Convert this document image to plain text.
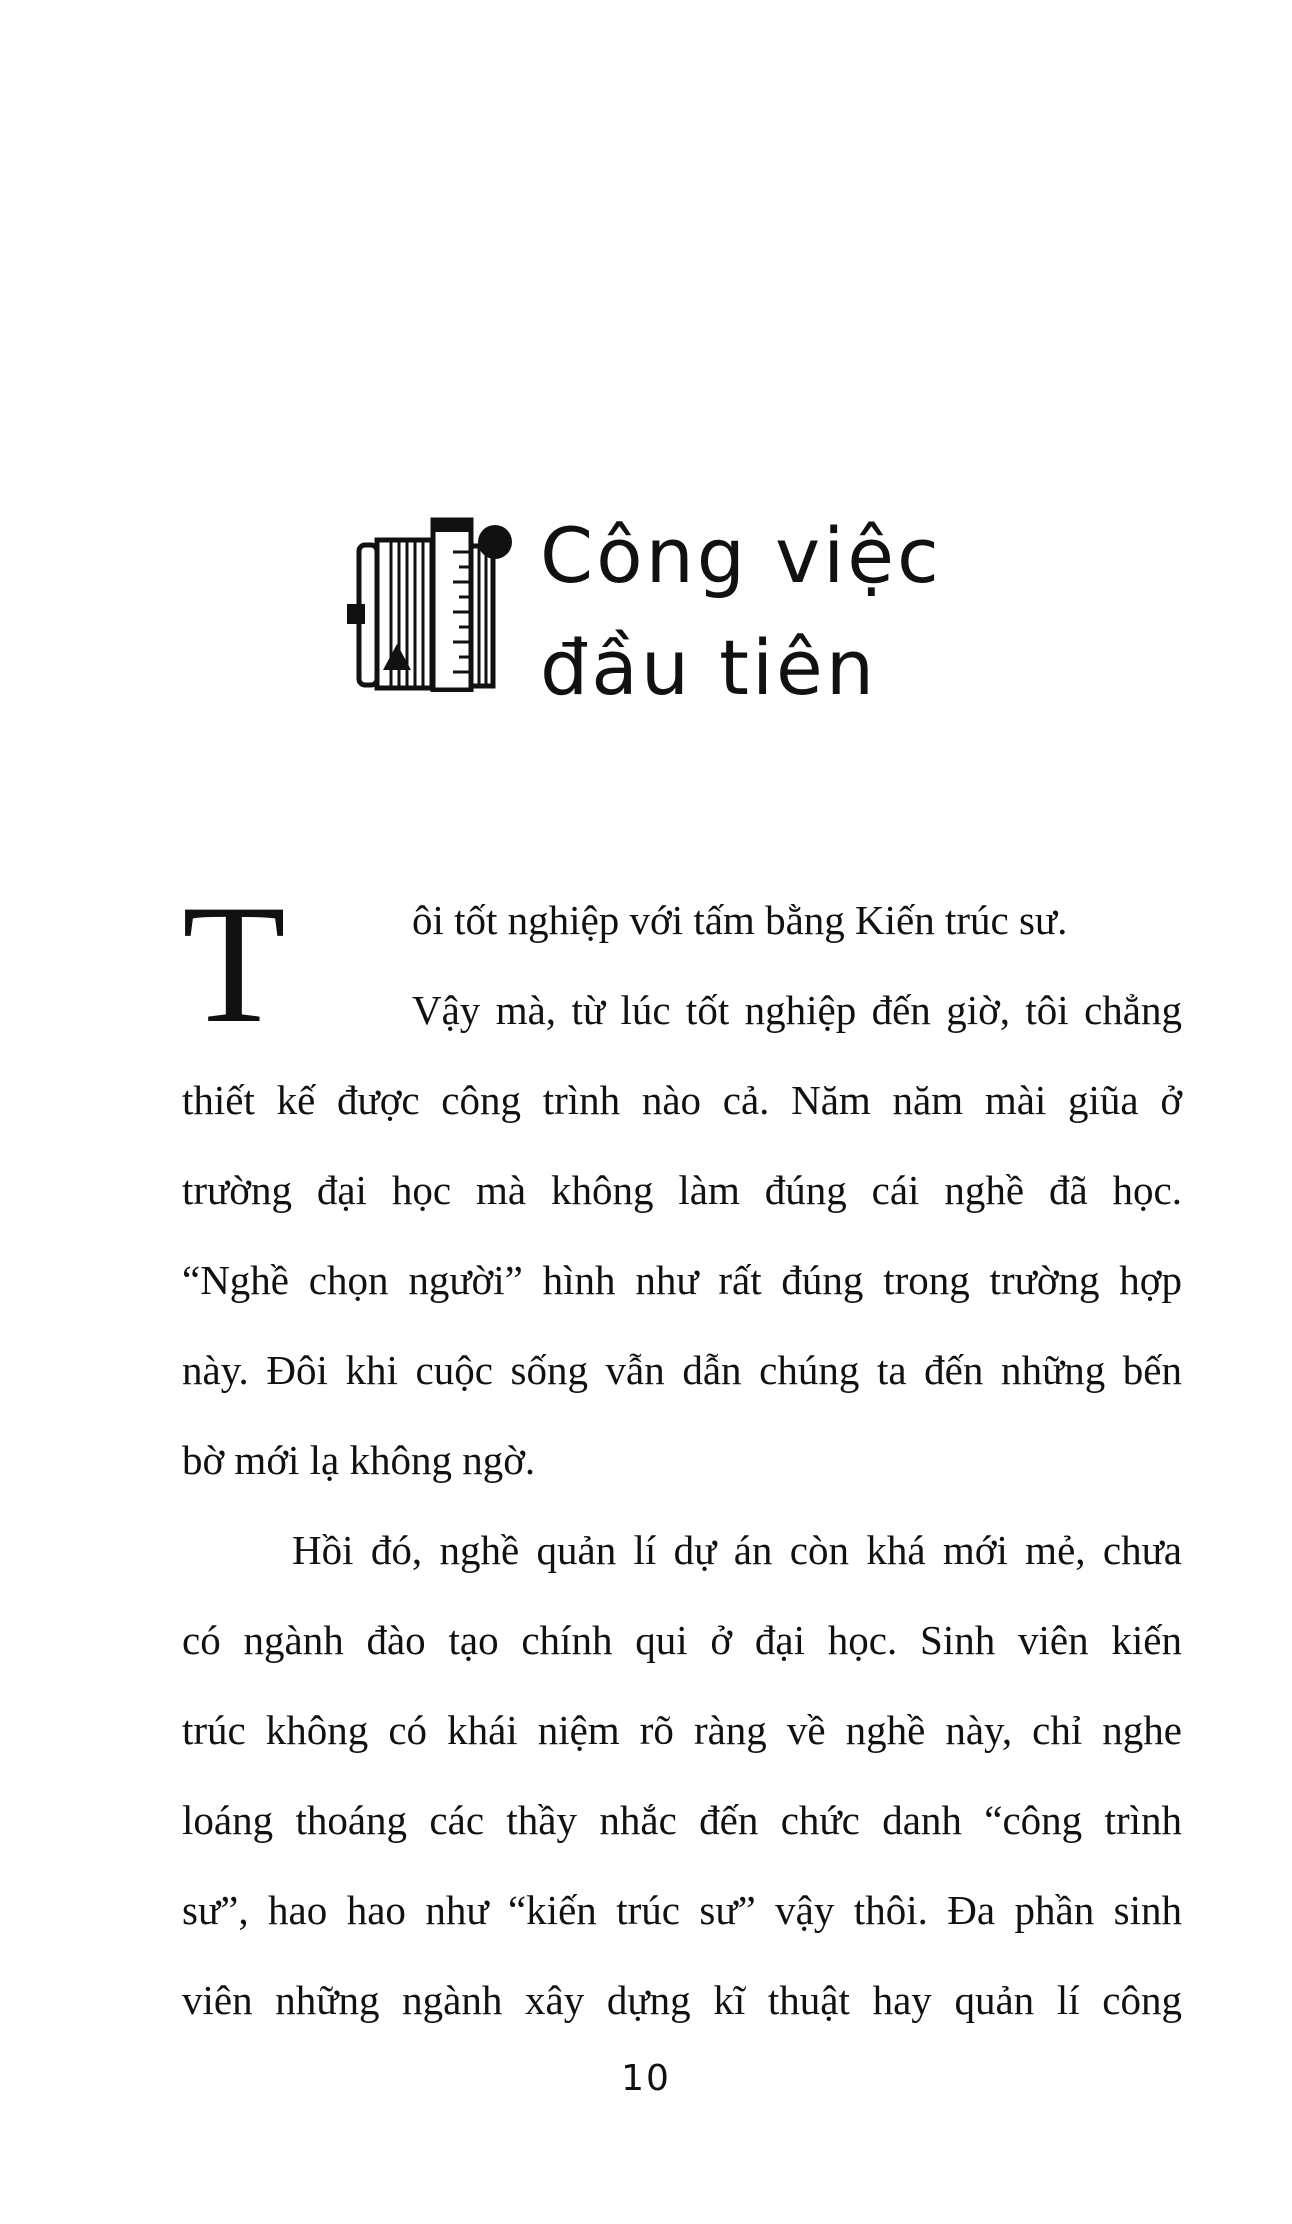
Công việc
đầu tiên
T	ôi tốt nghiệp với tấm bằng Kiến trúc sư.
Vậy mà, từ lúc tốt nghiệp đến giờ, tôi chẳng
thiết kế được công trình nào cả. Năm năm mài giũa ở
trường đại học mà không làm đúng cái nghề đã học.
“Nghề chọn người” hình như rất đúng trong trường hợp
này. Đôi khi cuộc sống vẫn dẫn chúng ta đến những bến
bờ mới lạ không ngờ.
Hồi đó, nghề quản lí dự án còn khá mới mẻ, chưa
có ngành đào tạo chính qui ở đại học. Sinh viên kiến
trúc không có khái niệm rõ ràng về nghề này, chỉ nghe
loáng thoáng các thầy nhắc đến chức danh “công trình
sư”, hao hao như “kiến trúc sư” vậy thôi. Đa phần sinh
viên những ngành xây dựng kĩ thuật hay quản lí công
10
